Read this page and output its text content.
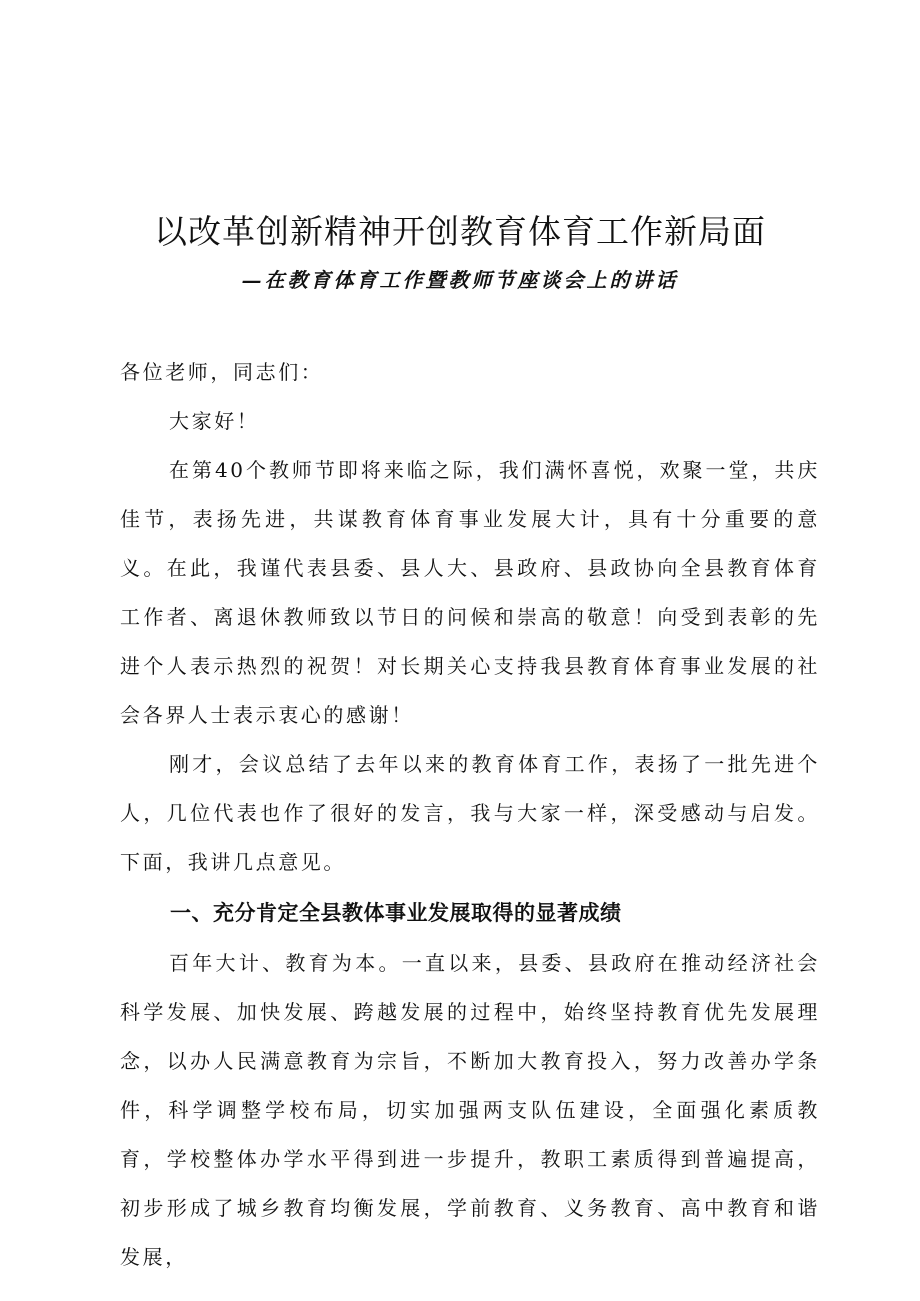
以改革创新精神开创教育体育工作新局面
—在教育体育工作暨教师节座谈会上的讲话

各位老师，同志们：

大家好！

在第40个教师节即将来临之际，我们满怀喜悦，欢聚一堂，共庆佳节，表扬先进，共谋教育体育事业发展大计，具有十分重要的意义。在此，我谨代表县委、县人大、县政府、县政协向全县教育体育工作者、离退休教师致以节日的问候和崇高的敬意！向受到表彰的先进个人表示热烈的祝贺！对长期关心支持我县教育体育事业发展的社会各界人士表示衷心的感谢！

刚才，会议总结了去年以来的教育体育工作，表扬了一批先进个人，几位代表也作了很好的发言，我与大家一样，深受感动与启发。下面，我讲几点意见。

一、充分肯定全县教体事业发展取得的显著成绩

百年大计、教育为本。一直以来，县委、县政府在推动经济社会科学发展、加快发展、跨越发展的过程中，始终坚持教育优先发展理念，以办人民满意教育为宗旨，不断加大教育投入，努力改善办学条件，科学调整学校布局，切实加强两支队伍建设，全面强化素质教育，学校整体办学水平得到进一步提升，教职工素质得到普遍提高，初步形成了城乡教育均衡发展，学前教育、义务教育、高中教育和谐发展，
